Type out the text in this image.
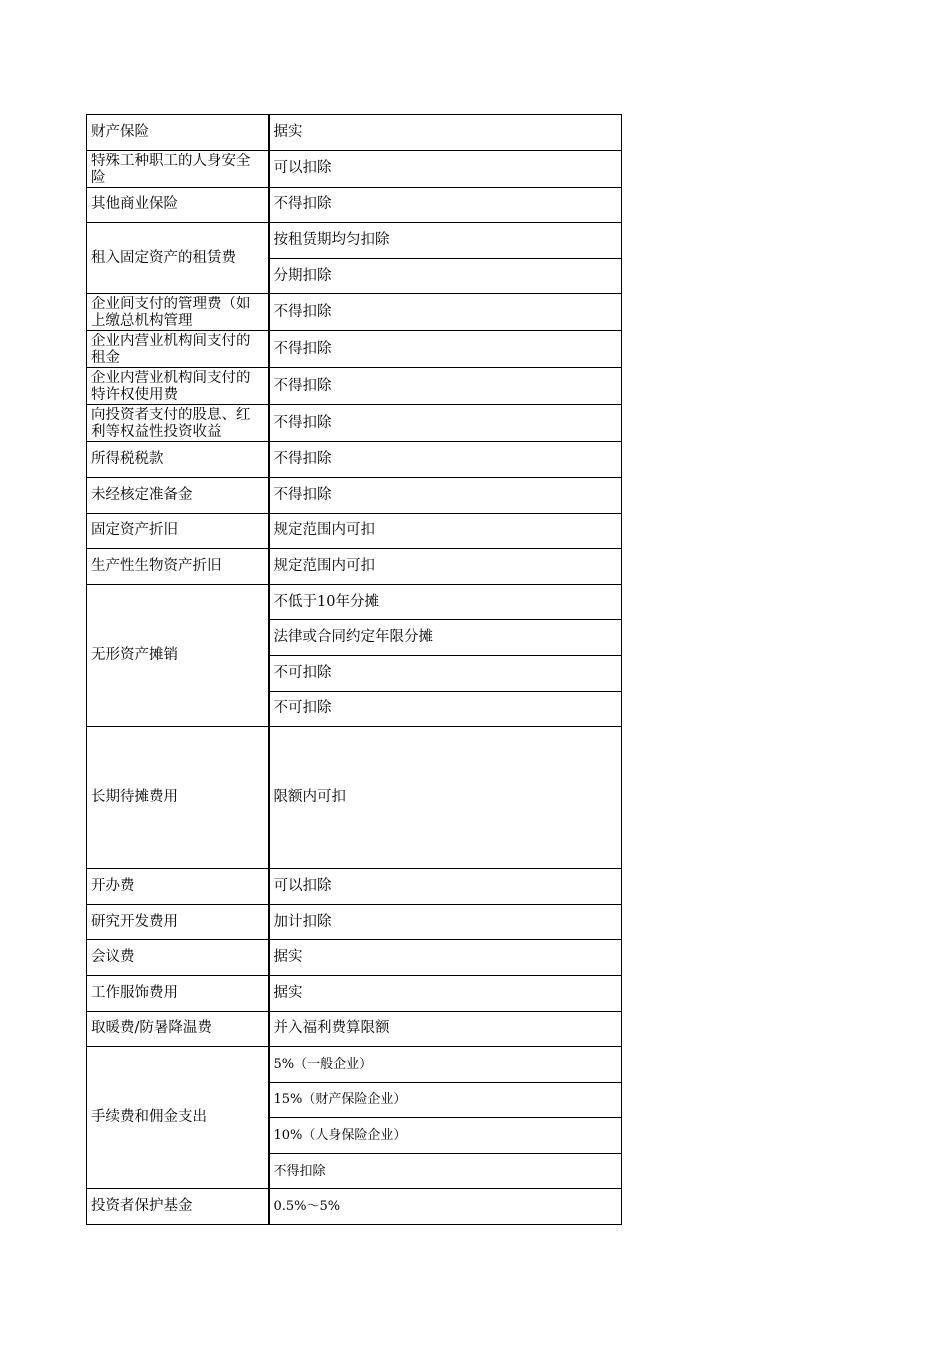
财产保险	据实

特殊工种职工的人身安全险	可以扣除
其他商业保险	不得扣除
租入固定资产的租赁费	按租赁期均匀扣除
	分期扣除

企业间支付的管理费（如上缴总机构管理	不得扣除

企业内营业机构间支付的租金	不得扣除

企业内营业机构间支付的特许权使用费	不得扣除

向投资者支付的股息、红利等权益性投资收益	不得扣除
所得税税款	不得扣除
未经核定准备金	不得扣除
固定资产折旧	规定范围内可扣
生产性生物资产折旧	规定范围内可扣
无形资产摊销	不低于10年分摊
	法律或合同约定年限分摊
	不可扣除
	不可扣除
长期待摊费用	限额内可扣
开办费	可以扣除
研究开发费用	加计扣除
会议费	据实
工作服饰费用	据实
取暖费/防暑降温费	并入福利费算限额
手续费和佣金支出	5%（一般企业）
	15%（财产保险企业）
	10%（人身保险企业）
	不得扣除
投资者保护基金	0.5%～5%
